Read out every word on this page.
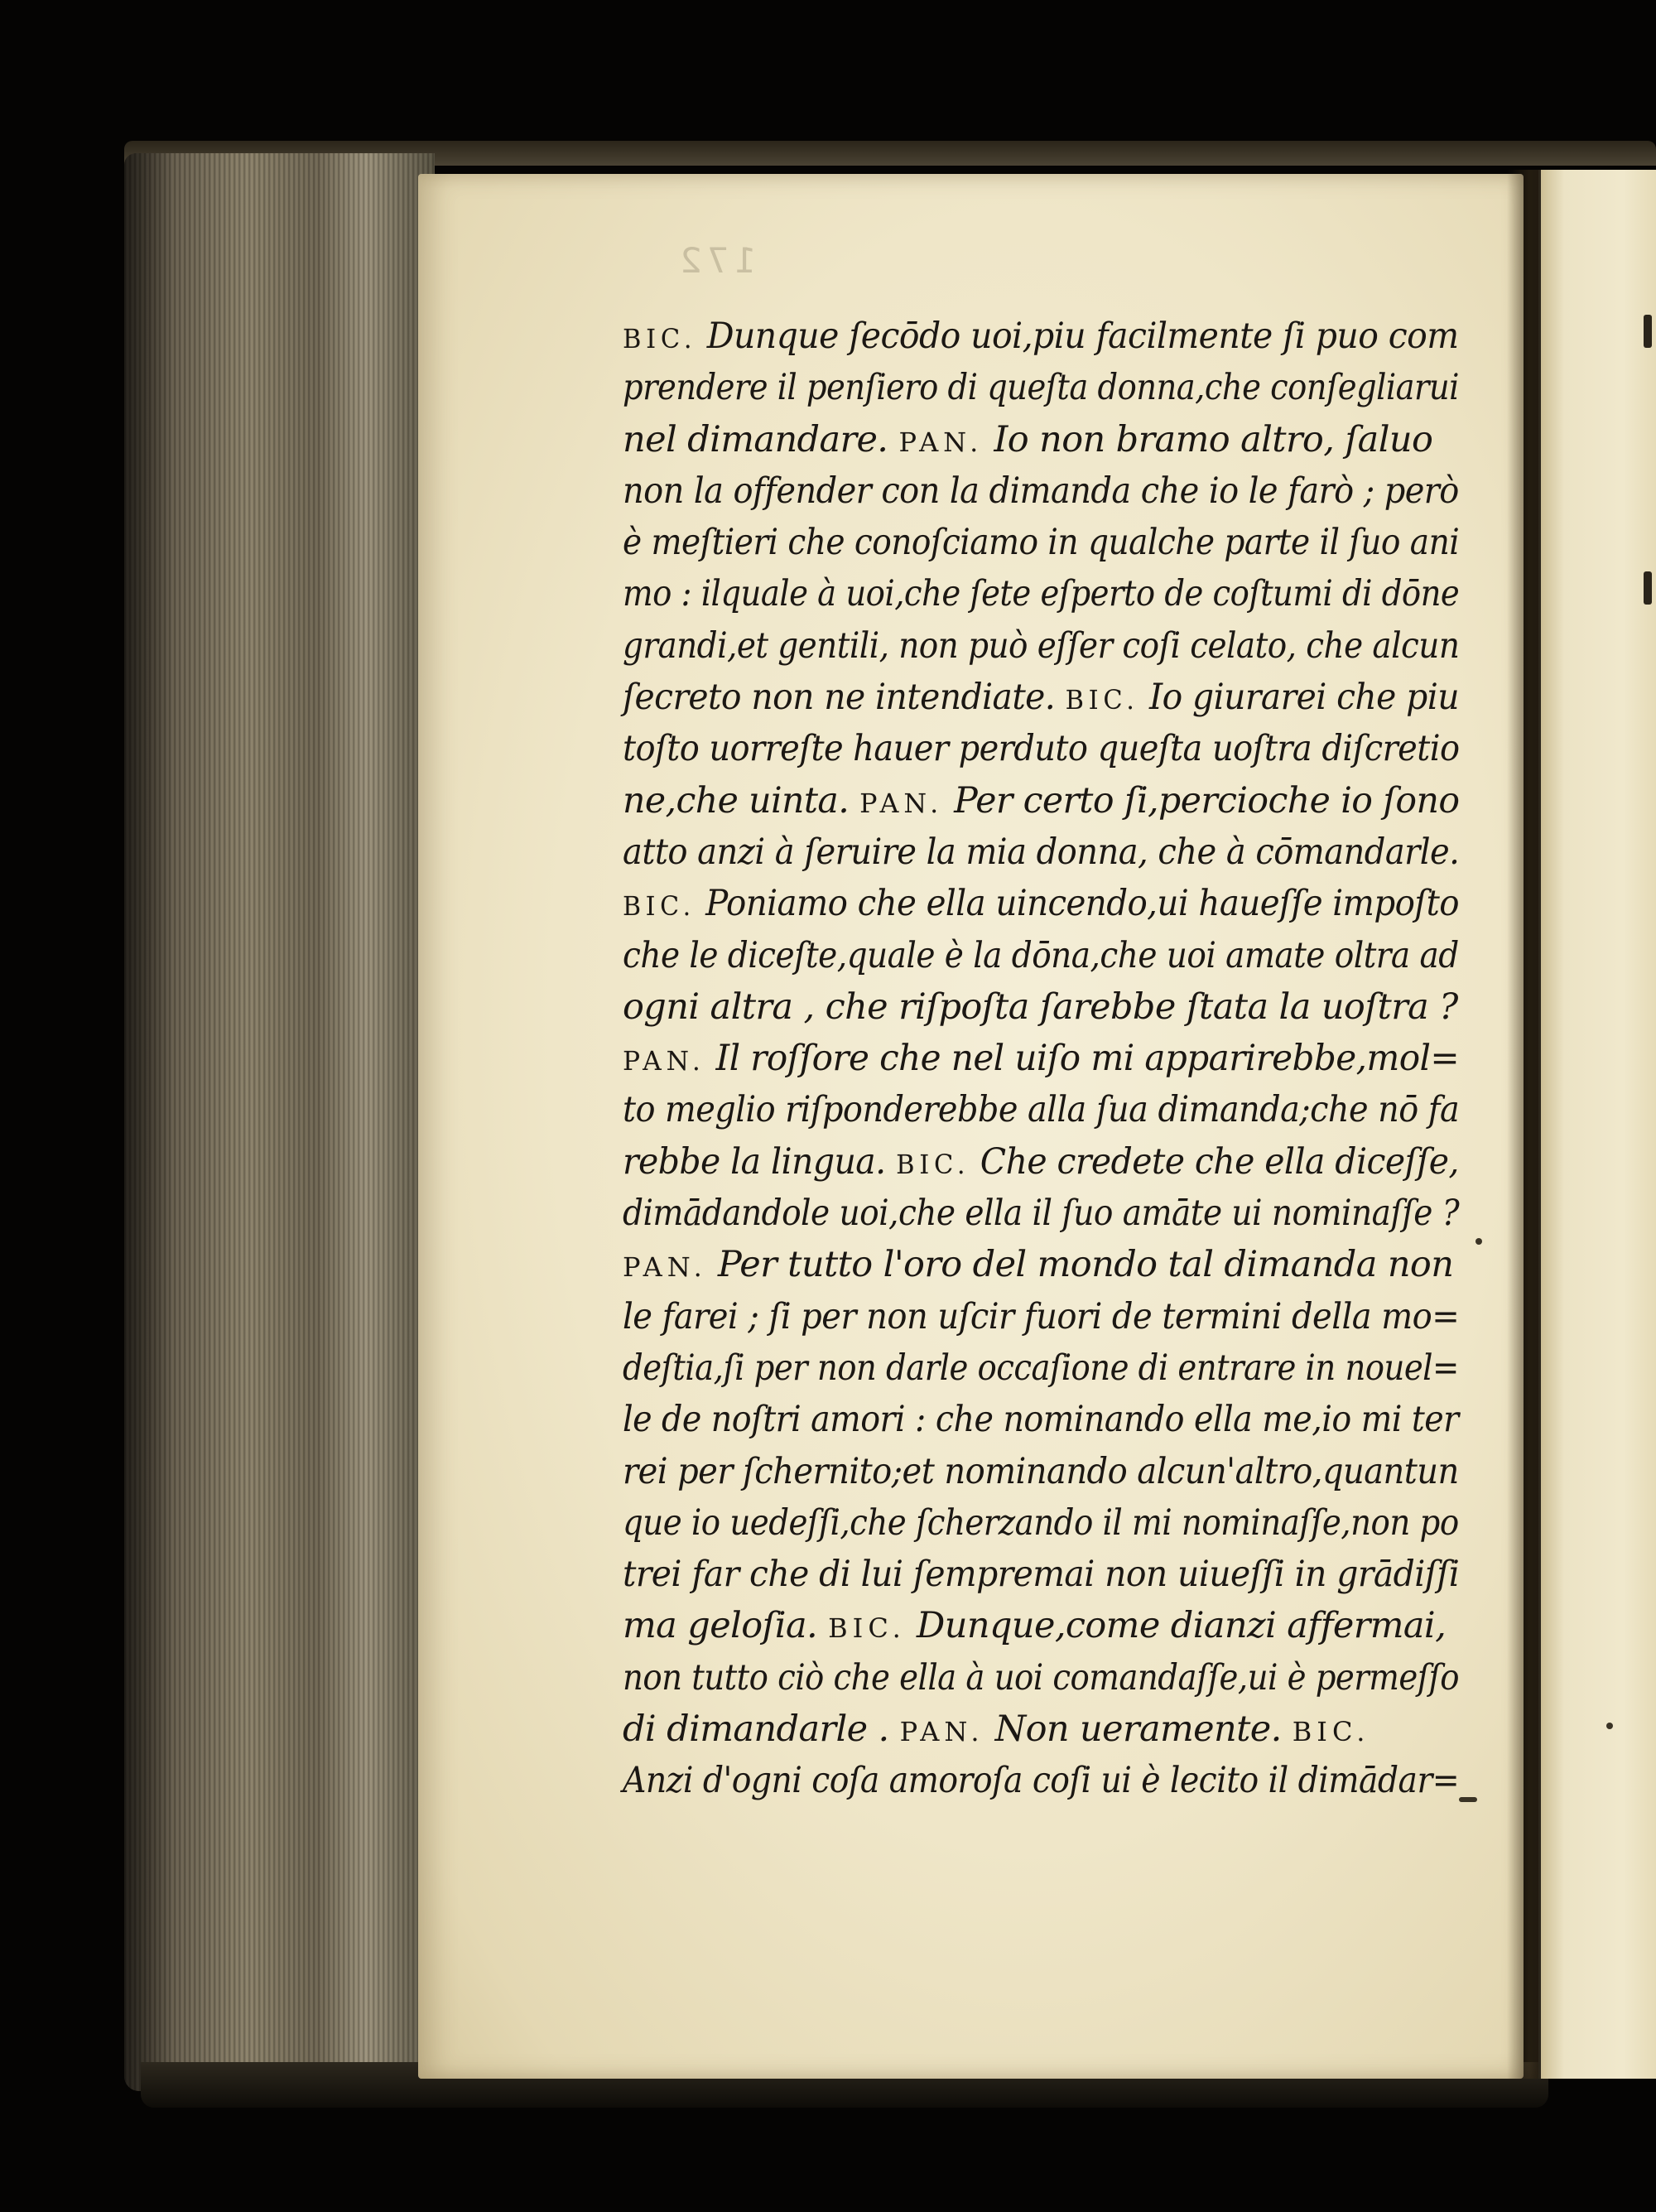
172
BIC. Dunque ſecōdo uoi,piu facilmente ſi puo com
prendere il penſiero di queſta donna,che conſegliarui
nel dimandare. PAN. Io non bramo altro, ſaluo
non la offender con la dimanda che io le farò ; però
è meſtieri che conoſciamo in qualche parte il ſuo ani
mo : ilquale à uoi,che ſete eſperto de coſtumi di dōne
grandi,et gentili, non può eſſer coſi celato, che alcun
ſecreto non ne intendiate. BIC. Io giurarei che piu
toſto uorreſte hauer perduto queſta uoſtra diſcretio
ne,che uinta. PAN. Per certo ſi,percioche io ſono
atto anzi à ſeruire la mia donna, che à cōmandarle.
BIC. Poniamo che ella uincendo,ui haueſſe impoſto
che le diceſte,quale è la dōna,che uoi amate oltra ad
ogni altra , che riſpoſta ſarebbe ſtata la uoſtra ?
PAN. Il roſſore che nel uiſo mi apparirebbe,mol=
to meglio riſponderebbe alla ſua dimanda;che nō fa
rebbe la lingua. BIC. Che credete che ella diceſſe,
dimādandole uoi,che ella il ſuo amāte ui nominaſſe ?
PAN. Per tutto l'oro del mondo tal dimanda non
le farei ; ſi per non uſcir fuori de termini della mo=
deſtia,ſi per non darle occaſione di entrare in nouel=
le de noſtri amori : che nominando ella me,io mi ter
rei per ſchernito;et nominando alcun'altro,quantun
que io uedeſſi,che ſcherzando il mi nominaſſe,non po
trei far che di lui ſempremai non uiueſſi in grādiſſi
ma geloſia. BIC. Dunque,come dianzi affermai,
non tutto ciò che ella à uoi comandaſſe,ui è permeſſo
di dimandarle . PAN. Non ueramente. BIC.
Anzi d'ogni coſa amoroſa coſi ui è lecito il dimādar=
